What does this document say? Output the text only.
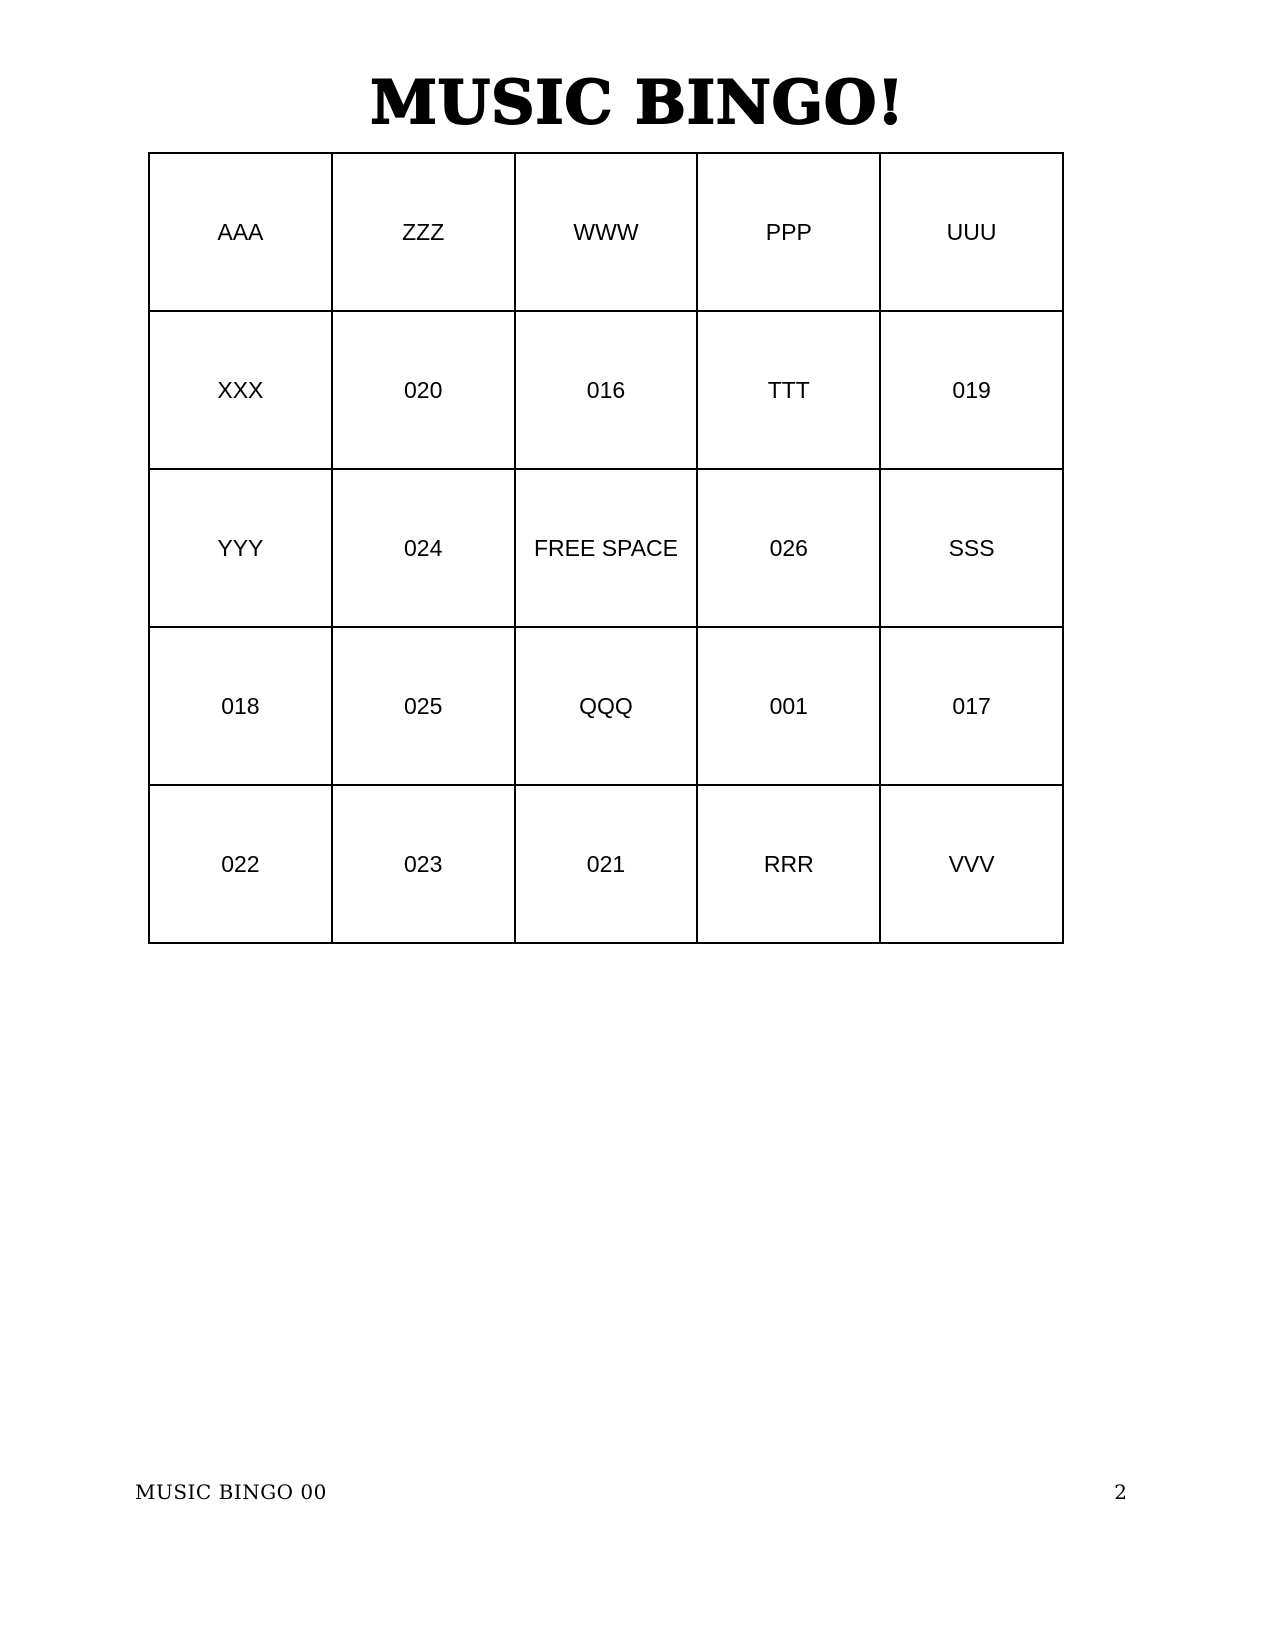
MUSIC BINGO!
AAA	ZZZ	WWW	PPP	UUU
XXX	020	016	TTT	019
YYY	024	FREE SPACE	026	SSS
018	025	QQQ	001	017
022	023	021	RRR	VVV
MUSIC BINGO 00	2
